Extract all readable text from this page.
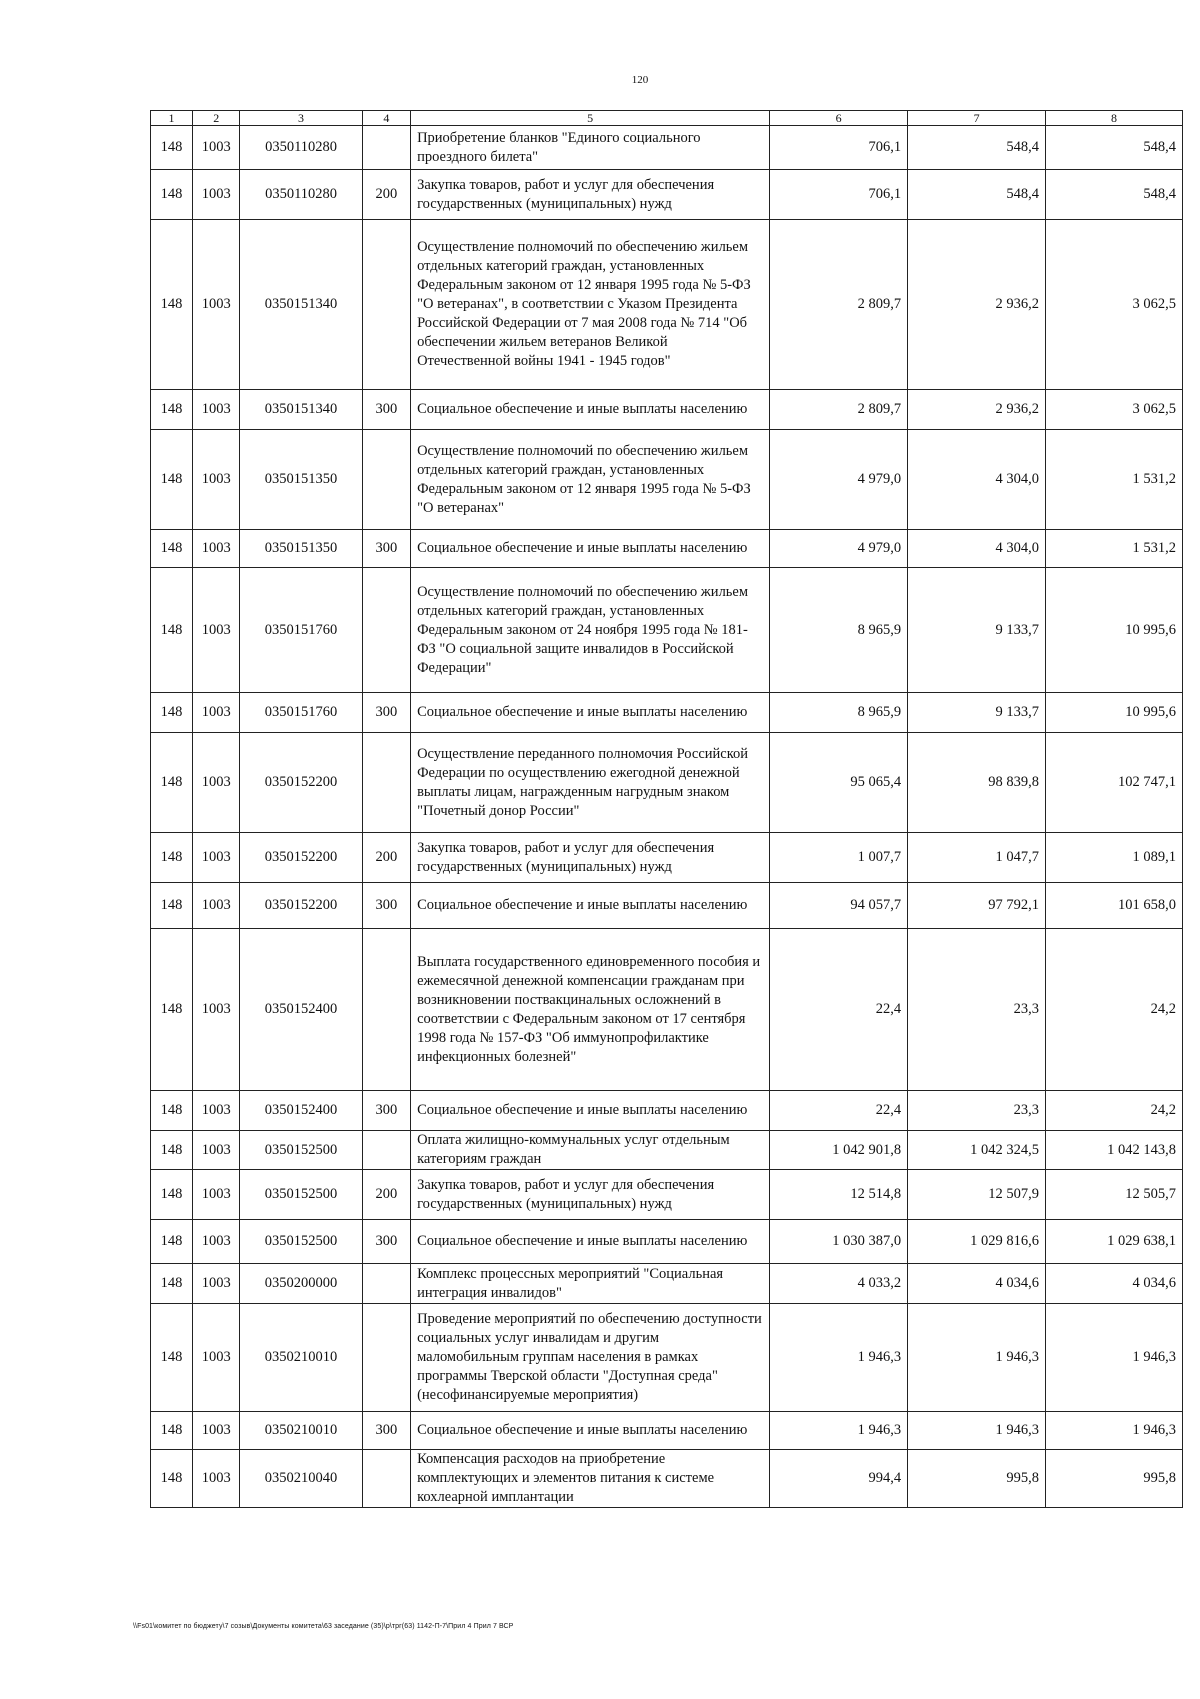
120
1	2	3	4	5	6	7	8
148	1003	0350110280		Приобретение бланков "Единого социального проездного билета"	706,1	548,4	548,4
148	1003	0350110280	200	Закупка товаров, работ и услуг для обеспечения государственных (муниципальных) нужд	706,1	548,4	548,4
148	1003	0350151340		Осуществление полномочий по обеспечению жильем отдельных категорий граждан, установленных Федеральным законом от 12 января 1995 года № 5-ФЗ "О ветеранах", в соответствии с Указом Президента Российской Федерации от 7 мая 2008 года № 714 "Об обеспечении жильем ветеранов Великой Отечественной войны 1941 - 1945 годов"	2 809,7	2 936,2	3 062,5
148	1003	0350151340	300	Социальное обеспечение и иные выплаты населению	2 809,7	2 936,2	3 062,5
148	1003	0350151350		Осуществление полномочий по обеспечению жильем отдельных категорий граждан, установленных Федеральным законом от 12 января 1995 года № 5-ФЗ "О ветеранах"	4 979,0	4 304,0	1 531,2
148	1003	0350151350	300	Социальное обеспечение и иные выплаты населению	4 979,0	4 304,0	1 531,2
148	1003	0350151760		Осуществление полномочий по обеспечению жильем отдельных категорий граждан, установленных Федеральным законом от 24 ноября 1995 года № 181-ФЗ "О социальной защите инвалидов в Российской Федерации"	8 965,9	9 133,7	10 995,6
148	1003	0350151760	300	Социальное обеспечение и иные выплаты населению	8 965,9	9 133,7	10 995,6
148	1003	0350152200		Осуществление переданного полномочия Российской Федерации по осуществлению ежегодной денежной выплаты лицам, награжденным нагрудным знаком "Почетный донор России"	95 065,4	98 839,8	102 747,1
148	1003	0350152200	200	Закупка товаров, работ и услуг для обеспечения государственных (муниципальных) нужд	1 007,7	1 047,7	1 089,1
148	1003	0350152200	300	Социальное обеспечение и иные выплаты населению	94 057,7	97 792,1	101 658,0
148	1003	0350152400		Выплата государственного единовременного пособия и ежемесячной денежной компенсации гражданам при возникновении поствакцинальных осложнений в соответствии с Федеральным законом от 17 сентября 1998 года № 157-ФЗ "Об иммунопрофилактике инфекционных болезней"	22,4	23,3	24,2
148	1003	0350152400	300	Социальное обеспечение и иные выплаты населению	22,4	23,3	24,2
148	1003	0350152500		Оплата жилищно-коммунальных услуг отдельным категориям граждан	1 042 901,8	1 042 324,5	1 042 143,8
148	1003	0350152500	200	Закупка товаров, работ и услуг для обеспечения государственных (муниципальных) нужд	12 514,8	12 507,9	12 505,7
148	1003	0350152500	300	Социальное обеспечение и иные выплаты населению	1 030 387,0	1 029 816,6	1 029 638,1
148	1003	0350200000		Комплекс процессных мероприятий "Социальная интеграция инвалидов"	4 033,2	4 034,6	4 034,6
148	1003	0350210010		Проведение мероприятий по обеспечению доступности социальных услуг инвалидам и другим маломобильным группам населения в рамках программы Тверской области "Доступная среда" (несофинансируемые мероприятия)	1 946,3	1 946,3	1 946,3
148	1003	0350210010	300	Социальное обеспечение и иные выплаты населению	1 946,3	1 946,3	1 946,3
148	1003	0350210040		Компенсация расходов на приобретение комплектующих и элементов питания к системе кохлеарной имплантации	994,4	995,8	995,8
\\Fs01\комитет по бюджету\7 созыв\Документы комитета\63 заседание (35)\р\трг(63) 1142-П-7\Прил 4 Прил 7 ВСР
